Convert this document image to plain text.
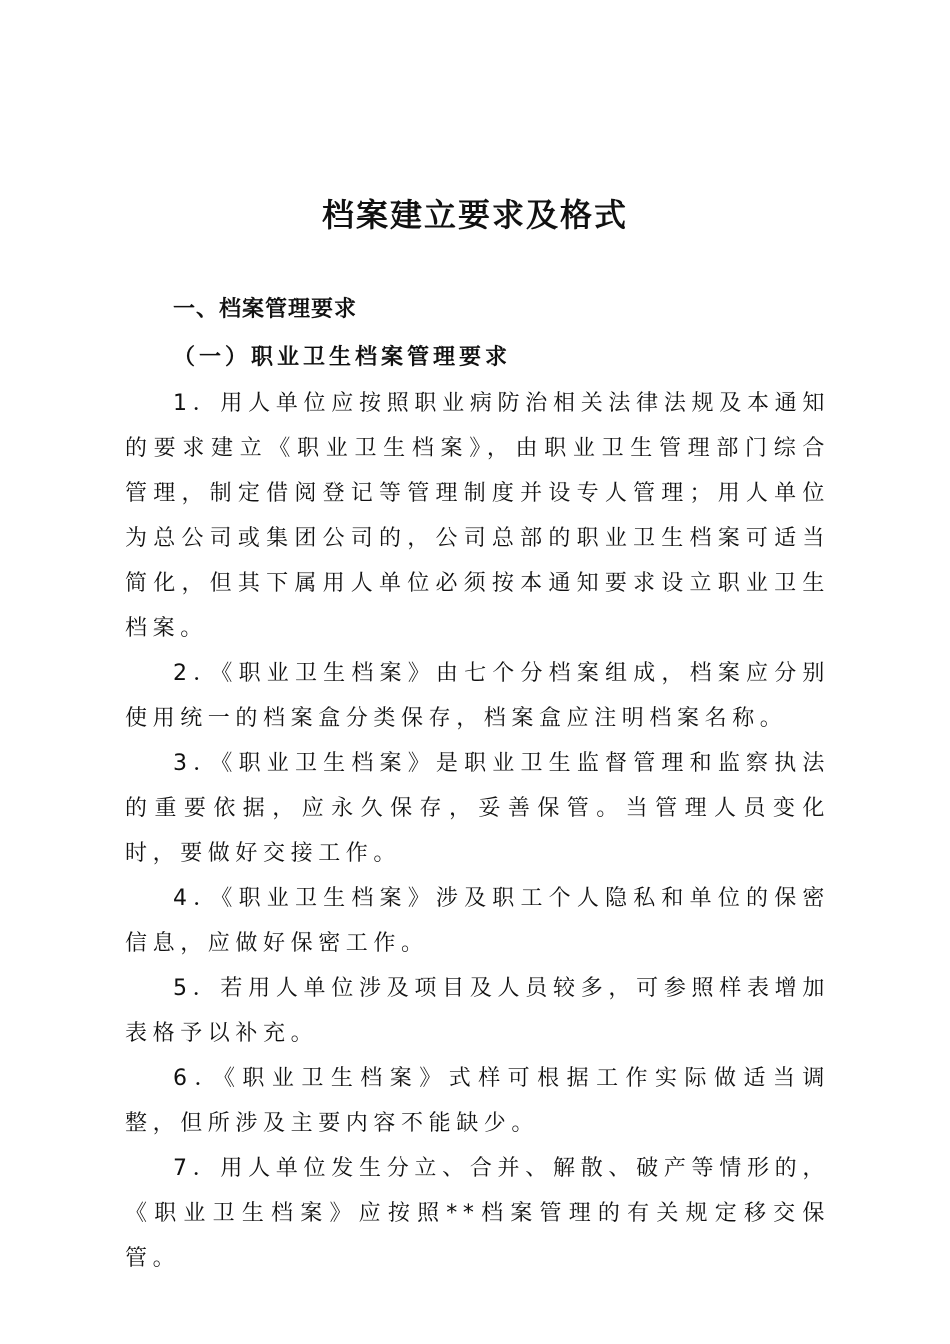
档案建立要求及格式
一、档案管理要求
（一）职业卫生档案管理要求

1．用人单位应按照职业病防治相关法律法规及本通知的要求建立《职业卫生档案》，由职业卫生管理部门综合管理，制定借阅登记等管理制度并设专人管理；用人单位为总公司或集团公司的，公司总部的职业卫生档案可适当简化，但其下属用人单位必须按本通知要求设立职业卫生档案。

2．《职业卫生档案》由七个分档案组成，档案应分别使用统一的档案盒分类保存，档案盒应注明档案名称。

3．《职业卫生档案》是职业卫生监督管理和监察执法的重要依据，应永久保存，妥善保管。当管理人员变化时，要做好交接工作。

4．《职业卫生档案》涉及职工个人隐私和单位的保密信息，应做好保密工作。

5．若用人单位涉及项目及人员较多，可参照样表增加表格予以补充。

6．《职业卫生档案》式样可根据工作实际做适当调整，但所涉及主要内容不能缺少。

7．用人单位发生分立、合并、解散、破产等情形的，《职业卫生档案》应按照**档案管理的有关规定移交保管。
